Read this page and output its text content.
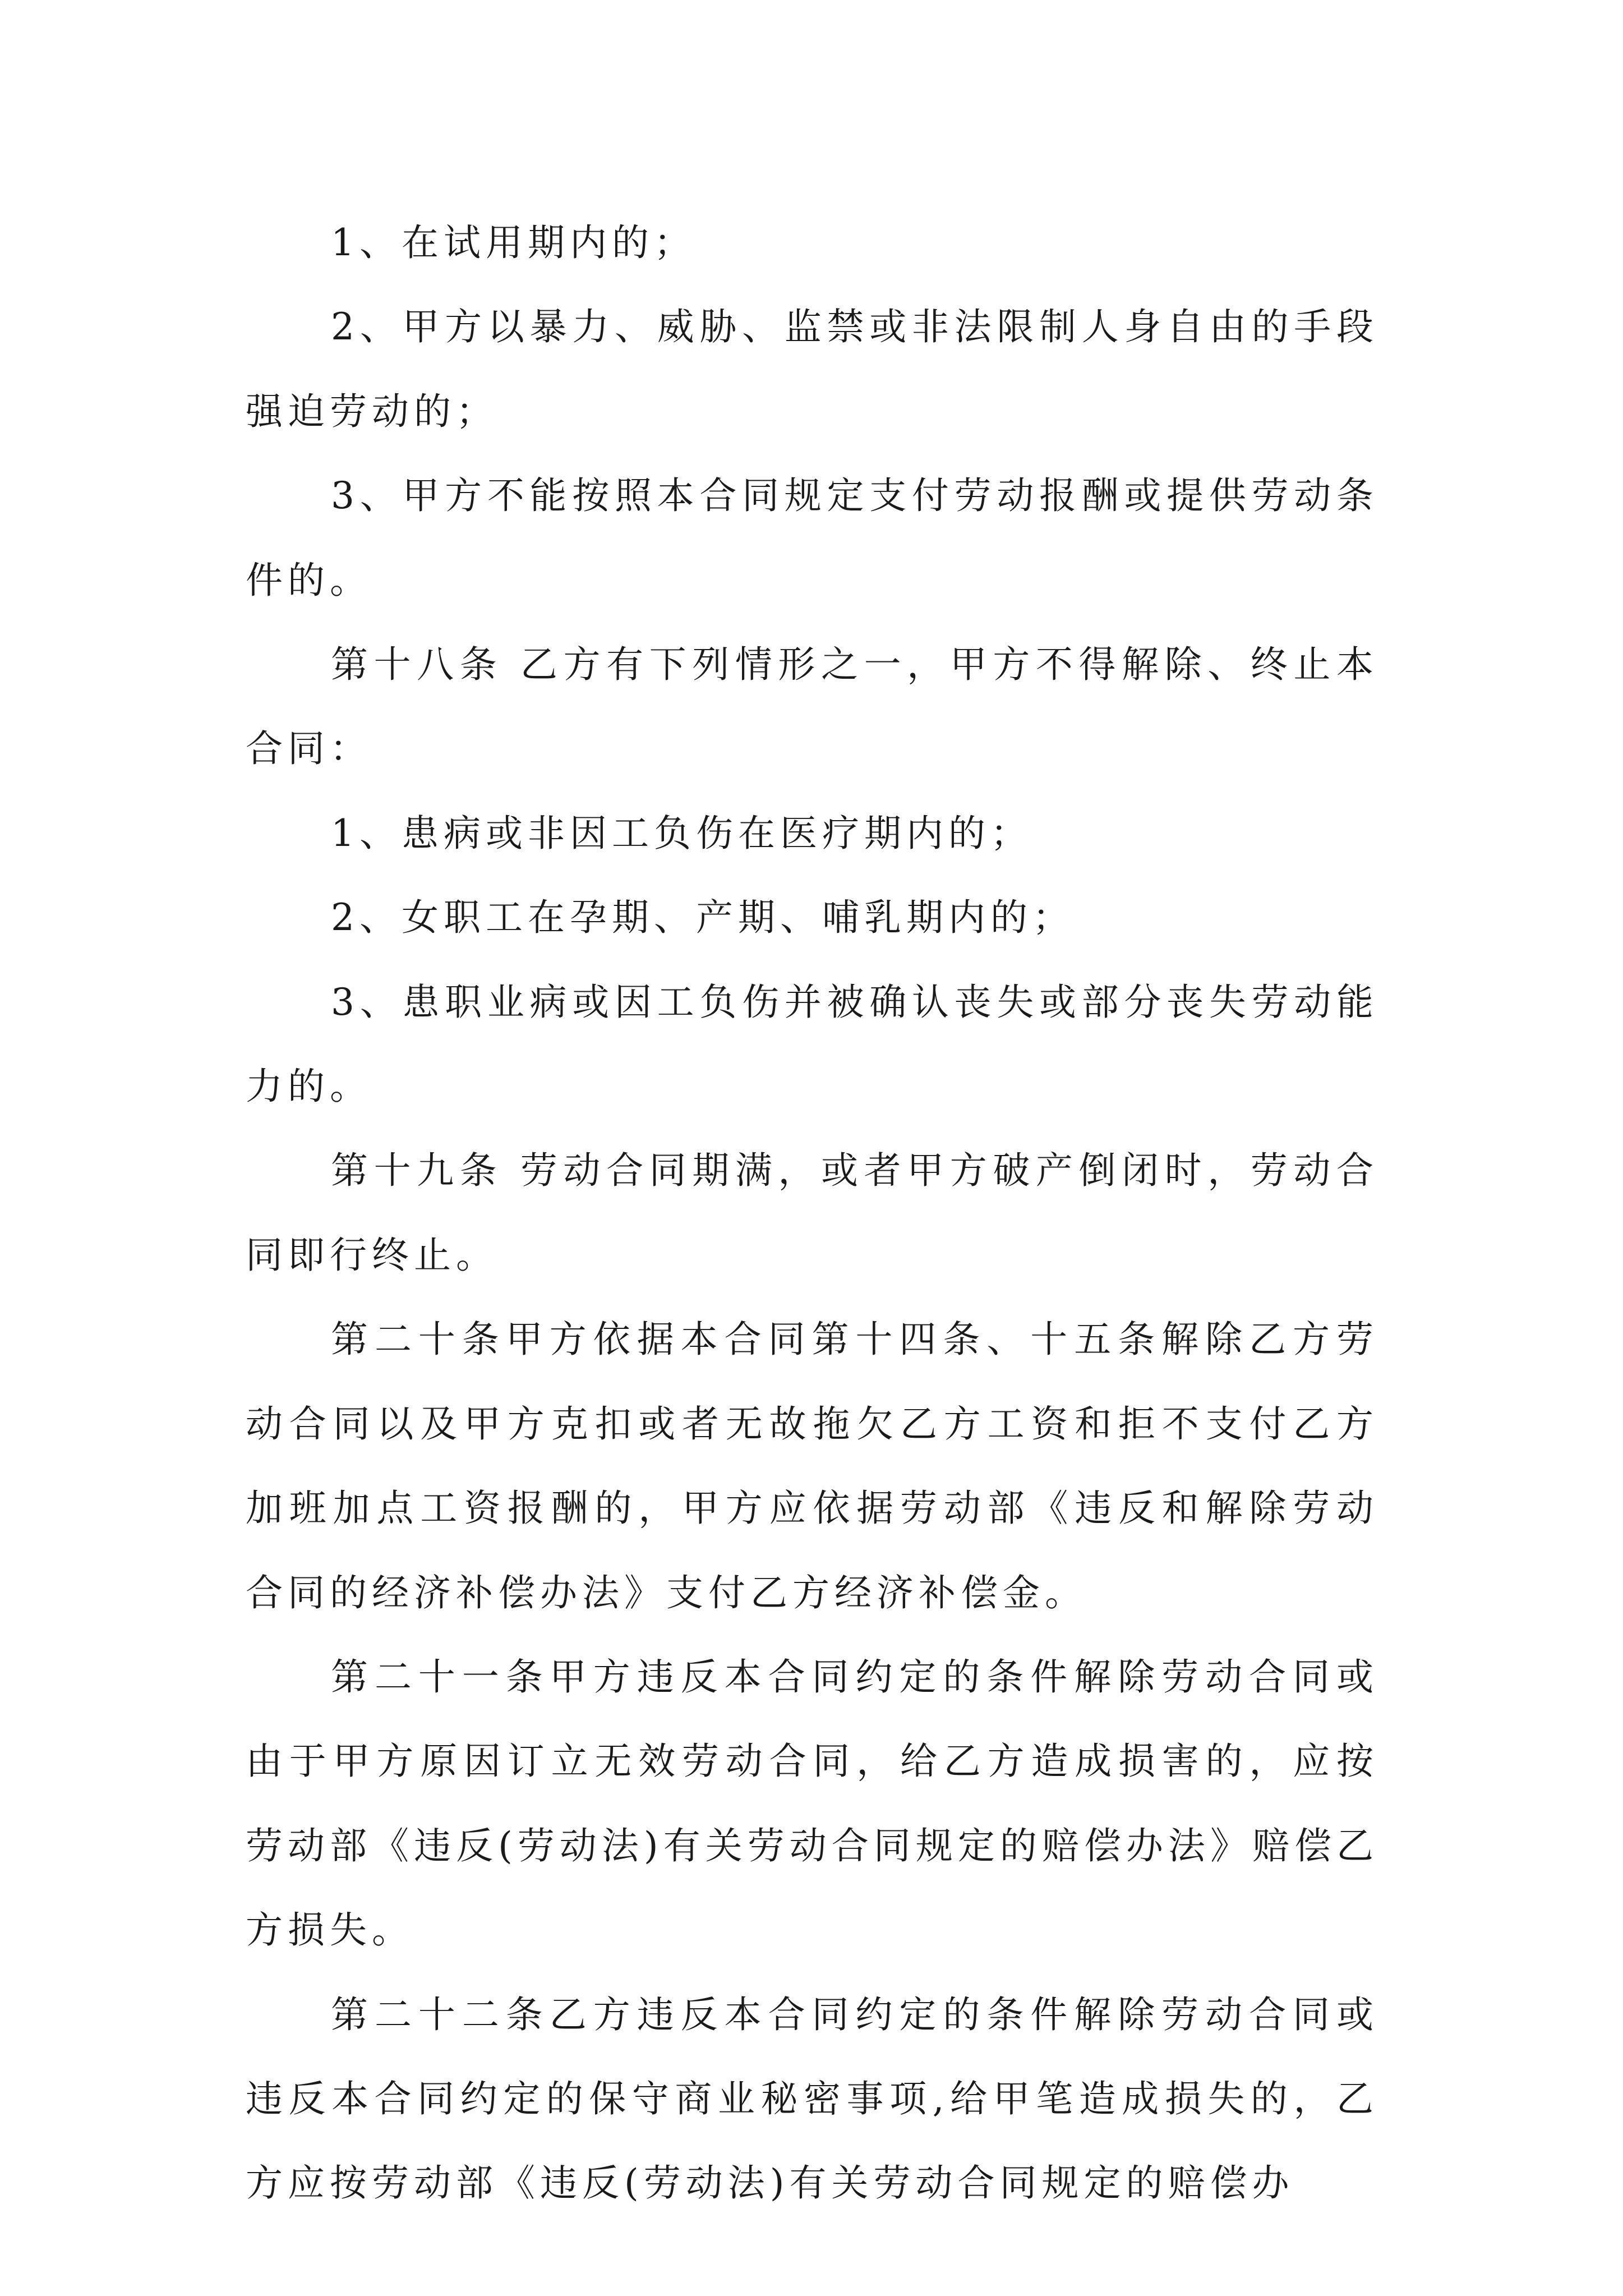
1、在试用期内的；

2、甲方以暴力、威胁、监禁或非法限制人身自由的手段强迫劳动的；

3、甲方不能按照本合同规定支付劳动报酬或提供劳动条件的。

第十八条 乙方有下列情形之一，甲方不得解除、终止本合同：

1、患病或非因工负伤在医疗期内的；

2、女职工在孕期、产期、哺乳期内的；

3、患职业病或因工负伤并被确认丧失或部分丧失劳动能力的。

第十九条 劳动合同期满，或者甲方破产倒闭时，劳动合同即行终止。

第二十条甲方依据本合同第十四条、十五条解除乙方劳动合同以及甲方克扣或者无故拖欠乙方工资和拒不支付乙方加班加点工资报酬的，甲方应依据劳动部《违反和解除劳动合同的经济补偿办法》支付乙方经济补偿金。

第二十一条甲方违反本合同约定的条件解除劳动合同或由于甲方原因订立无效劳动合同，给乙方造成损害的，应按劳动部《违反(劳动法)有关劳动合同规定的赔偿办法》赔偿乙方损失。

第二十二条乙方违反本合同约定的条件解除劳动合同或违反本合同约定的保守商业秘密事项,给甲笔造成损失的，乙方应按劳动部《违反(劳动法)有关劳动合同规定的赔偿办
